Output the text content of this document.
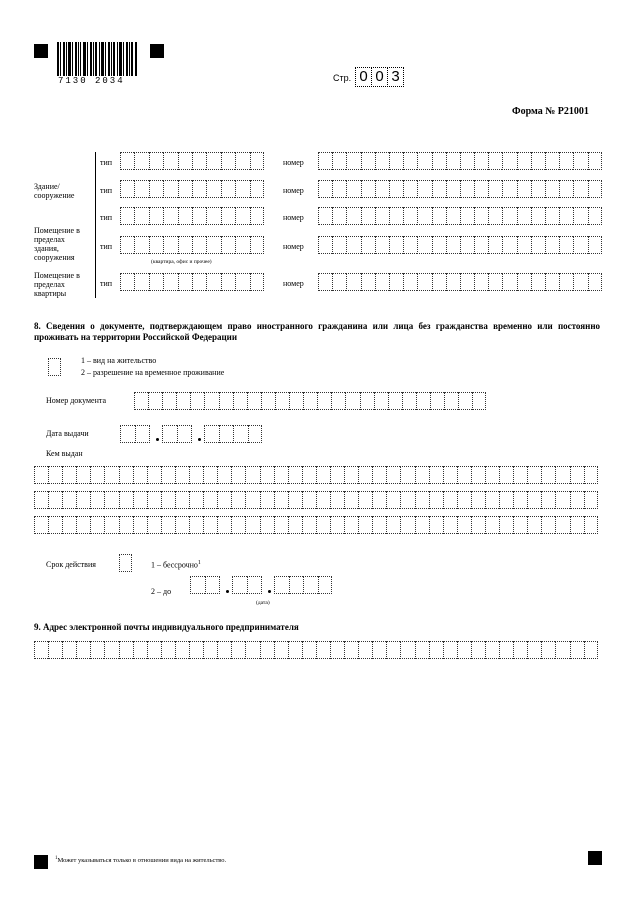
7130 2034	Стр. 0 0 3
Форма № Р21001
Здание/ сооружение
Помещение в пределах здания, сооружения
Помещение в пределах квартиры
тип	номер
тип	номер
тип	номер
тип	номер
(квартира, офис и прочее)
тип	номер
8. Сведения о документе, подтверждающем право иностранного гражданина или лица без гражданства временно или постоянно проживать на территории Российской Федерации
1 – вид на жительство
2 – разрешение на временное проживание
Номер документа
Дата выдачи
Кем выдан
Срок действия	1 – бессрочно$^1$
2 – до
(дата)
9. Адрес электронной почты индивидуального предпринимателя
$^1$Может указываться только в отношении вида на жительство.
